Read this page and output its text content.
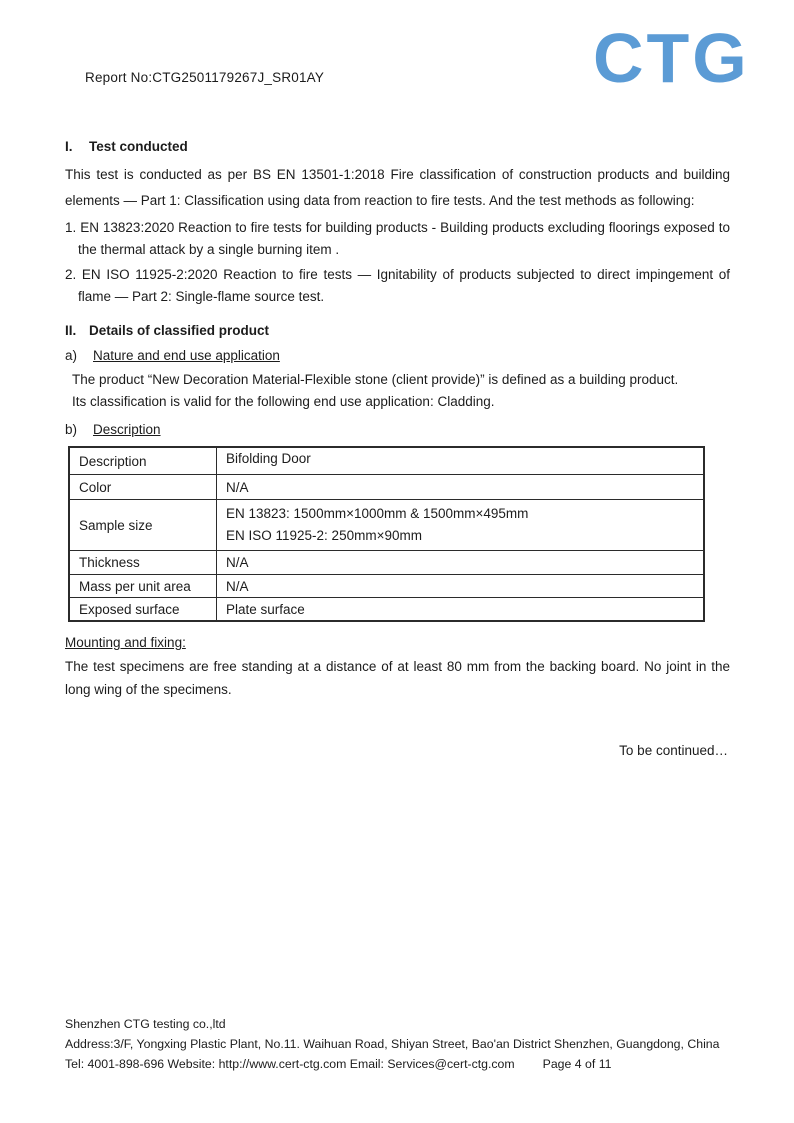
Report No:CTG2501179267J_SR01AY	CTG
I.	Test conducted

This test is conducted as per BS EN 13501-1:2018 Fire classification of construction products and building elements ― Part 1: Classification using data from reaction to fire tests. And the test methods as following:

1. EN 13823:2020 Reaction to fire tests for building products - Building products excluding floorings exposed to the thermal attack by a single burning item .
2. EN ISO 11925-2:2020 Reaction to fire tests — Ignitability of products subjected to direct impingement of flame — Part 2: Single-flame source test.
II. Details of classified product
a)	Nature and end use application
The product “New Decoration Material-Flexible stone (client provide)” is defined as a building product.
Its classification is valid for the following end use application: Cladding.
b)	Description
Description	Bifolding Door
Color	N/A
Sample size	EN 13823: 1500mm×1000mm & 1500mm×495mm
EN ISO 11925-2: 250mm×90mm

Thickness	N/A
Mass per unit area	N/A
Exposed surface	Plate surface
Mounting and fixing:

The test specimens are free standing at a distance of at least 80 mm from the backing board. No joint in the long wing of the specimens.

To be continued…
Shenzhen CTG testing co.,ltd
Address:3/F, Yongxing Plastic Plant, No.11. Waihuan Road, Shiyan Street, Bao'an District Shenzhen, Guangdong, China
Tel: 4001-898-696 Website: http://www.cert-ctg.com Email: Services@cert-ctg.com Page 4 of 11
